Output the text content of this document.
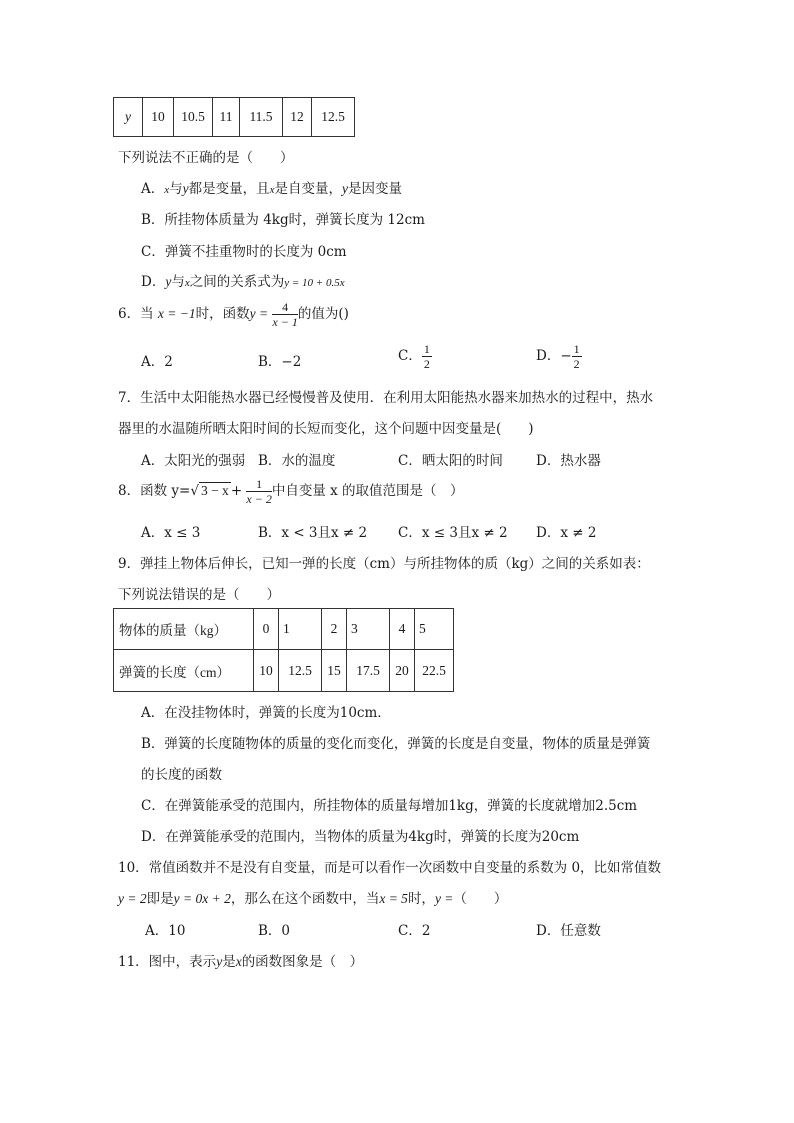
y	10	10.5	11	11.5	12	12.5
下列说法不正确的是（　　）
A．x与y都是变量，且x是自变量，y是因变量
B．所挂物体质量为 4kg时，弹簧长度为 12cm
C．弹簧不挂重物时的长度为 0cm
D．y与x之间的关系式为y = 10 + 0.5x
6．当 x = −1时，函数$y = \frac{4}{x - 1}$ 的值为()
A．2	B．−2	C． $\frac{1}{2}$	D．− $\frac{1}{2}$
7．生活中太阳能热水器已经慢慢普及使用．在利用太阳能热水器来加热水的过程中，热水
器里的水温随所晒太阳时间的长短而变化，这个问题中因变量是(　　)
A．太阳光的强弱 B．水的温度	C．晒太阳的时间 D．热水器
8．函数 y=√ $3 - x + \frac{1}{x - 2}$ 中自变量 x 的取值范围是（　）
A．x ≤ 3	B．x < 3且x ≠ 2 C．x ≤ 3且x ≠ 2 D．x ≠ 2
9．弹挂上物体后伸长，已知一弹的长度（cm）与所挂物体的质（kg）之间的关系如表：
下列说法错误的是（　　）
物体的质量（kg）	0	1	2	3	4	5
弹簧的长度（cm）	10	12.5	15	17.5	20	22.5
A．在没挂物体时，弹簧的长度为10cm．
B．弹簧的长度随物体的质量的变化而变化，弹簧的长度是自变量，物体的质量是弹簧
的长度的函数
C．在弹簧能承受的范围内，所挂物体的质量每增加1kg，弹簧的长度就增加2.5cm
D．在弹簧能承受的范围内，当物体的质量为4kg时，弹簧的长度为20cm
10．常值函数并不是没有自变量，而是可以看作一次函数中自变量的系数为 0，比如常值数
y = 2即是y = 0x + 2，那么在这个函数中，当x = 5时，y =（　　）
A．10	B．0	C．2	D．任意数
11．图中，表示y是x的函数图象是（　）
